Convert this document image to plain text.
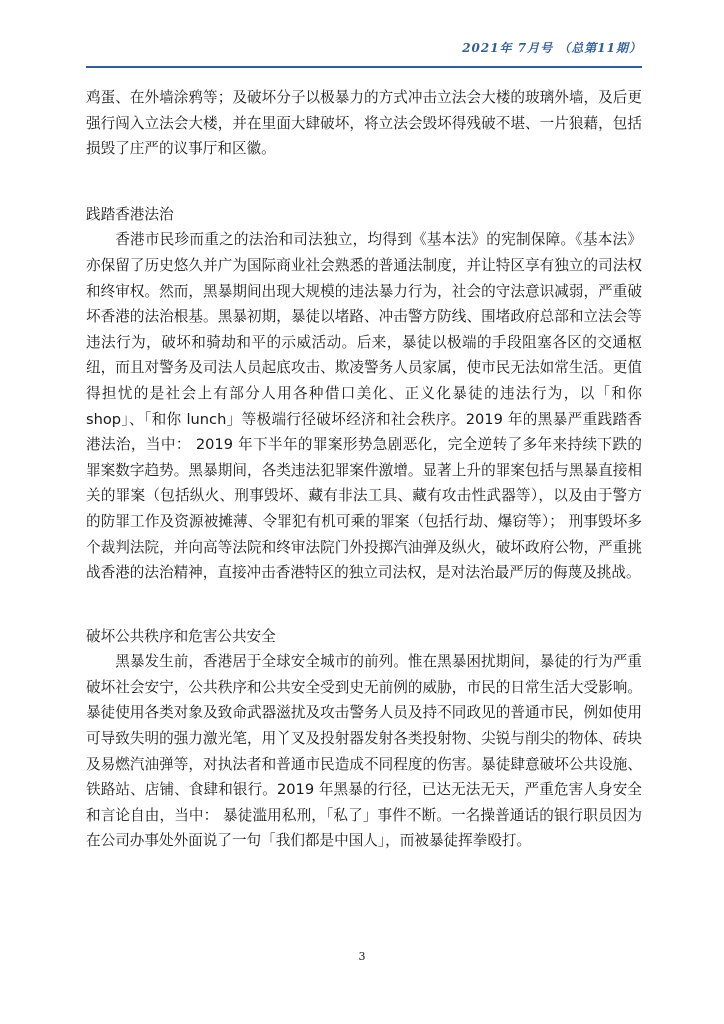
2021年 7月号 （总第11期）

鸡蛋、在外墙涂鸦等；及破坏分子以极暴力的方式冲击立法会大楼的玻璃外墙，及后更强行闯入立法会大楼，并在里面大肆破坏，将立法会毁坏得残破不堪、一片狼藉，包括损毁了庄严的议事厅和区徽。

践踏香港法治

香港市民珍而重之的法治和司法独立，均得到《基本法》的宪制保障。《基本法》亦保留了历史悠久并广为国际商业社会熟悉的普通法制度，并让特区享有独立的司法权和终审权。然而，黑暴期间出现大规模的违法暴力行为，社会的守法意识减弱，严重破坏香港的法治根基。黑暴初期，暴徒以堵路、冲击警方防线、围堵政府总部和立法会等违法行为，破坏和骑劫和平的示威活动。后来，暴徒以极端的手段阻塞各区的交通枢纽，而且对警务及司法人员起底攻击、欺凌警务人员家属，使市民无法如常生活。更值得担忧的是社会上有部分人用各种借口美化、正义化暴徒的违法行为，以「和你 shop」、「和你 lunch」等极端行径破坏经济和社会秩序。2019 年的黑暴严重践踏香港法治，当中： 2019 年下半年的罪案形势急剧恶化，完全逆转了多年来持续下跌的罪案数字趋势。黑暴期间，各类违法犯罪案件激增。显著上升的罪案包括与黑暴直接相关的罪案（包括纵火、刑事毁坏、藏有非法工具、藏有攻击性武器等），以及由于警方的防罪工作及资源被摊薄、令罪犯有机可乘的罪案（包括行劫、爆窃等）； 刑事毁坏多个裁判法院，并向高等法院和终审法院门外投掷汽油弹及纵火，破坏政府公物，严重挑战香港的法治精神，直接冲击香港特区的独立司法权，是对法治最严厉的侮蔑及挑战。

破坏公共秩序和危害公共安全

黑暴发生前，香港居于全球安全城市的前列。惟在黑暴困扰期间，暴徒的行为严重破坏社会安宁，公共秩序和公共安全受到史无前例的威胁，市民的日常生活大受影响。暴徒使用各类对象及致命武器滋扰及攻击警务人员及持不同政见的普通市民，例如使用可导致失明的强力激光笔，用丫叉及投射器发射各类投射物、尖锐与削尖的物体、砖块及易燃汽油弹等，对执法者和普通市民造成不同程度的伤害。暴徒肆意破坏公共设施、铁路站、店铺、食肆和银行。2019 年黑暴的行径，已达无法无天，严重危害人身安全和言论自由，当中： 暴徒滥用私刑，「私了」事件不断。一名操普通话的银行职员因为在公司办事处外面说了一句「我们都是中国人」，而被暴徒挥拳殴打。

3
